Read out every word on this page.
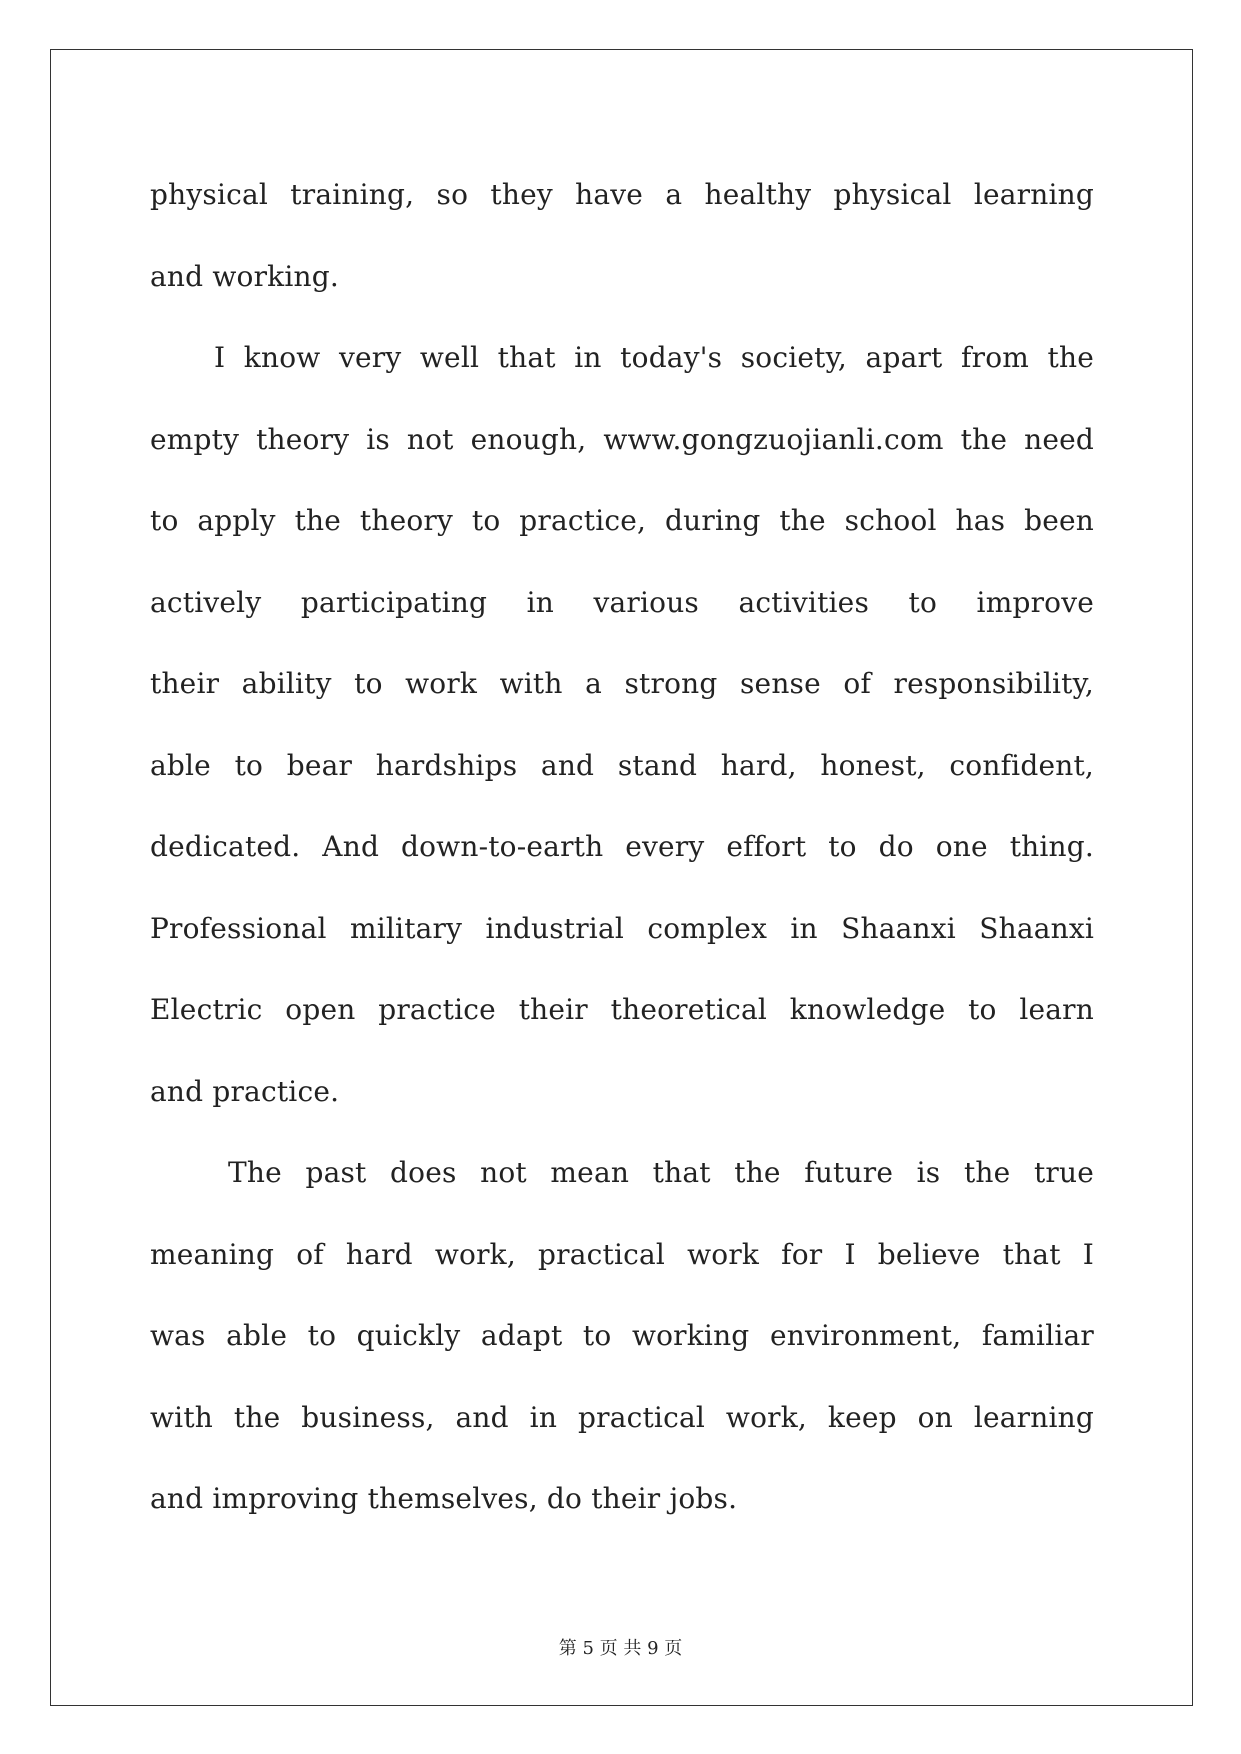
physical training, so they have a healthy physical learning
and working.
I know very well that in today's society, apart from the
empty theory is not enough, www.gongzuojianli.com the need
to apply the theory to practice, during the school has been
actively participating in various activities to improve
their ability to work with a strong sense of responsibility,
able to bear hardships and stand hard, honest, confident,
dedicated. And down-to-earth every effort to do one thing.
Professional military industrial complex in Shaanxi Shaanxi
Electric open practice their theoretical knowledge to learn
and practice.
The past does not mean that the future is the true
meaning of hard work, practical work for I believe that I
was able to quickly adapt to working environment, familiar
with the business, and in practical work, keep on learning
and improving themselves, do their jobs.
第 5 页 共 9 页
